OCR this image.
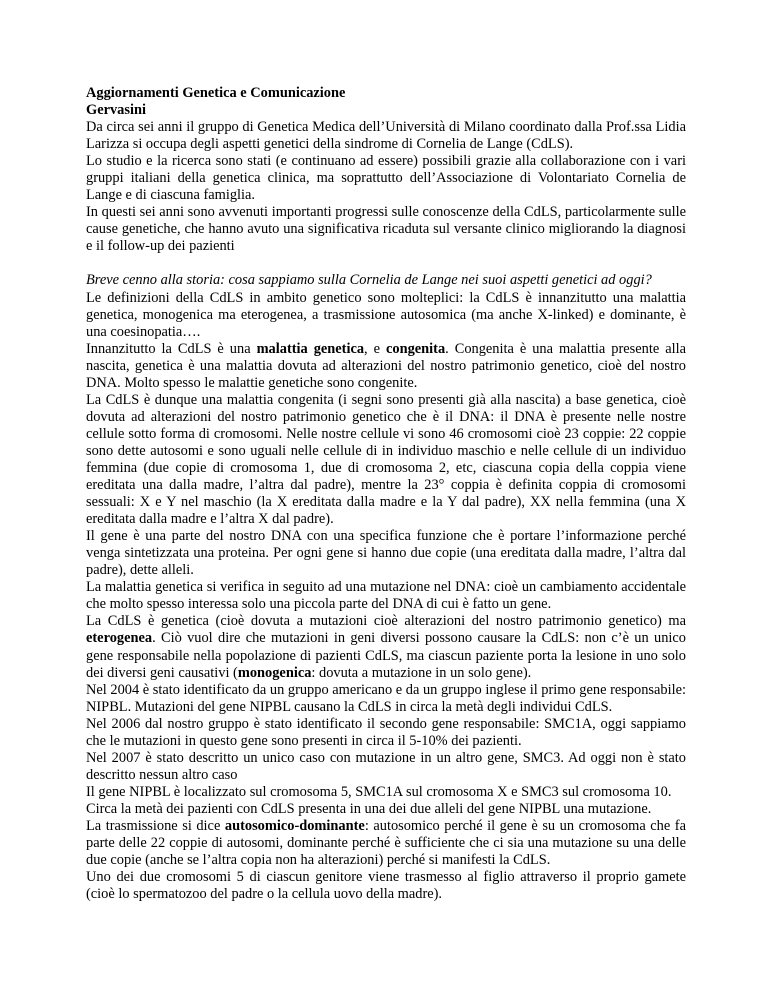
Aggiornamenti Genetica e Comunicazione

Gervasini

Da circa sei anni il gruppo di Genetica Medica dell’Università di Milano coordinato dalla Prof.ssa Lidia Larizza si occupa degli aspetti genetici della sindrome di Cornelia de Lange (CdLS).

Lo studio e la ricerca sono stati (e continuano ad essere) possibili grazie alla collaborazione con i vari gruppi italiani della genetica clinica, ma soprattutto dell’Associazione di Volontariato Cornelia de Lange e di ciascuna famiglia.

In questi sei anni sono avvenuti importanti progressi sulle conoscenze della CdLS, particolarmente sulle cause genetiche, che hanno avuto una significativa ricaduta sul versante clinico migliorando la diagnosi e il follow-up dei pazienti

Breve cenno alla storia: cosa sappiamo sulla Cornelia de Lange nei suoi aspetti genetici ad oggi?

Le definizioni della CdLS in ambito genetico sono molteplici: la CdLS è innanzitutto una malattia genetica, monogenica ma eterogenea, a trasmissione autosomica (ma anche X-linked) e dominante, è una coesinopatia….

Innanzitutto la CdLS è una malattia genetica, e congenita. Congenita è una malattia presente alla nascita, genetica è una malattia dovuta ad alterazioni del nostro patrimonio genetico, cioè del nostro DNA. Molto spesso le malattie genetiche sono congenite.

La CdLS è dunque una malattia congenita (i segni sono presenti già alla nascita) a base genetica, cioè dovuta ad alterazioni del nostro patrimonio genetico che è il DNA: il DNA è presente nelle nostre cellule sotto forma di cromosomi. Nelle nostre cellule vi sono 46 cromosomi cioè 23 coppie: 22 coppie sono dette autosomi e sono uguali nelle cellule di in individuo maschio e nelle cellule di un individuo femmina (due copie di cromosoma 1, due di cromosoma 2, etc, ciascuna copia della coppia viene ereditata una dalla madre, l’altra dal padre), mentre la 23° coppia è definita coppia di cromosomi sessuali: X e Y nel maschio (la X ereditata dalla madre e la Y dal padre), XX nella femmina (una X ereditata dalla madre e l’altra X dal padre).

Il gene è una parte del nostro DNA con una specifica funzione che è portare l’informazione perché venga sintetizzata una proteina. Per ogni gene si hanno due copie (una ereditata dalla madre, l’altra dal padre), dette alleli.

La malattia genetica si verifica in seguito ad una mutazione nel DNA: cioè un cambiamento accidentale che molto spesso interessa solo una piccola parte del DNA di cui è fatto un gene.

La CdLS è genetica (cioè dovuta a mutazioni cioè alterazioni del nostro patrimonio genetico) ma eterogenea. Ciò vuol dire che mutazioni in geni diversi possono causare la CdLS: non c’è un unico gene responsabile nella popolazione di pazienti CdLS, ma ciascun paziente porta la lesione in uno solo dei diversi geni causativi (monogenica: dovuta a mutazione in un solo gene).

Nel 2004 è stato identificato da un gruppo americano e da un gruppo inglese il primo gene responsabile: NIPBL. Mutazioni del gene NIPBL causano la CdLS in circa la metà degli individui CdLS.

Nel 2006 dal nostro gruppo è stato identificato il secondo gene responsabile: SMC1A, oggi sappiamo che le mutazioni in questo gene sono presenti in circa il 5-10% dei pazienti.

Nel 2007 è stato descritto un unico caso con mutazione in un altro gene, SMC3. Ad oggi non è stato descritto nessun altro caso

Il gene NIPBL è localizzato sul cromosoma 5, SMC1A sul cromosoma X e SMC3 sul cromosoma 10.

Circa la metà dei pazienti con CdLS presenta in una dei due alleli del gene NIPBL una mutazione.

La trasmissione si dice autosomico-dominante: autosomico perché il gene è su un cromosoma che fa parte delle 22 coppie di autosomi, dominante perché è sufficiente che ci sia una mutazione su una delle due copie (anche se l’altra copia non ha alterazioni) perché si manifesti la CdLS.

Uno dei due cromosomi 5 di ciascun genitore viene trasmesso al figlio attraverso il proprio gamete (cioè lo spermatozoo del padre o la cellula uovo della madre).
